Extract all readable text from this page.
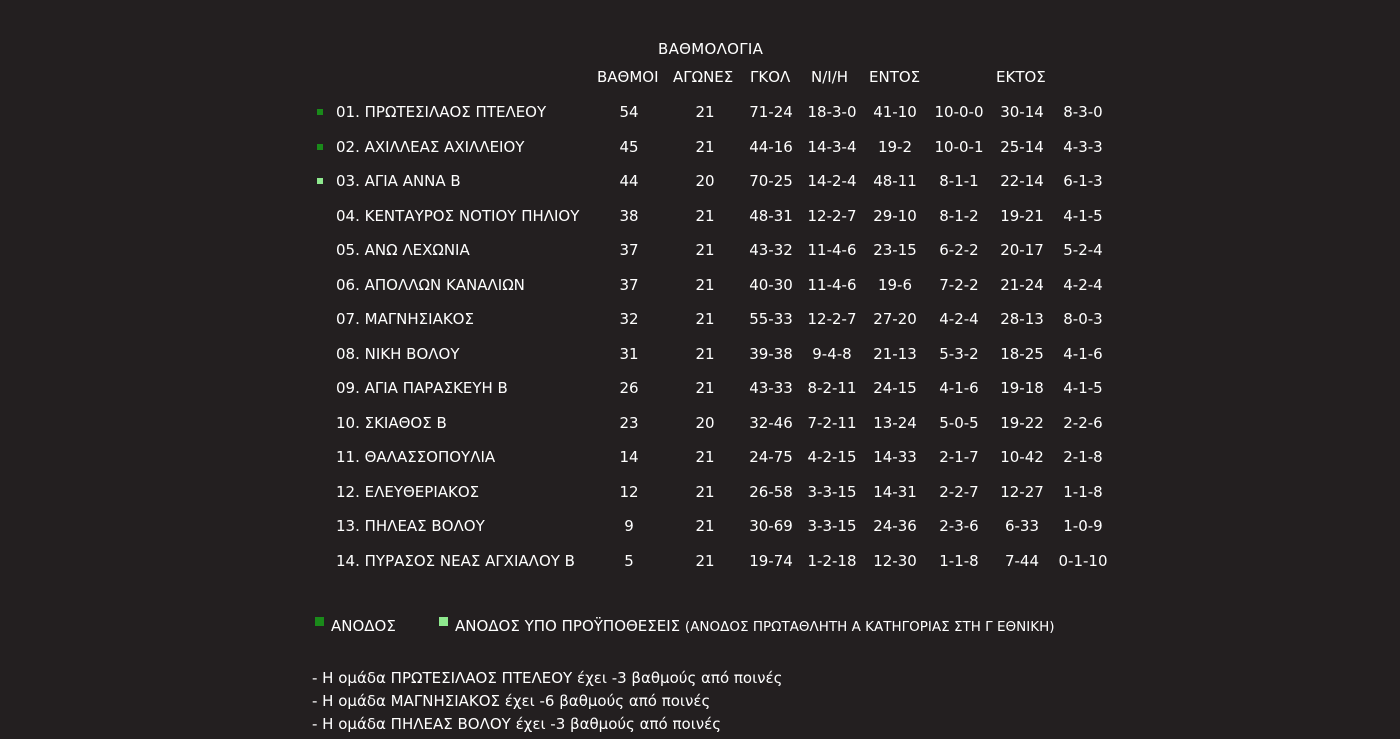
ΒΑΘΜΟΛΟΓΙΑ
ΒΑΘΜΟΙ ΑΓΩΝΕΣ ΓΚΟΛ Ν/Ι/Η ΕΝΤΟΣ	ΕΚΤΟΣ
01. ΠΡΩΤΕΣΙΛΑΟΣ ΠΤΕΛΕΟΥ	54	21	71-24 18-3-0	41-10	10-0-0	30-14	8-3-0
02. ΑΧΙΛΛΕΑΣ ΑΧΙΛΛΕΙΟΥ	45	21	44-16 14-3-4	19-2	10-0-1	25-14	4-3-3
03. ΑΓΙΑ ΑΝΝΑ Β	44	20	70-25 14-2-4	48-11	8-1-1	22-14	6-1-3
04. ΚΕΝΤΑΥΡΟΣ ΝΟΤΙΟΥ ΠΗΛΙΟΥ	38	21	48-31 12-2-7	29-10	8-1-2	19-21	4-1-5
05. ΑΝΩ ΛΕΧΩΝΙΑ	37	21	43-32 11-4-6	23-15	6-2-2	20-17	5-2-4
06. ΑΠΟΛΛΩΝ ΚΑΝΑΛΙΩΝ	37	21	40-30 11-4-6	19-6	7-2-2	21-24	4-2-4
07. ΜΑΓΝΗΣΙΑΚΟΣ	32	21	55-33 12-2-7	27-20	4-2-4	28-13	8-0-3
08. ΝΙΚΗ ΒΟΛΟΥ	31	21	39-38	9-4-8	21-13	5-3-2	18-25	4-1-6
09. ΑΓΙΑ ΠΑΡΑΣΚΕΥΗ Β	26	21	43-33 8-2-11	24-15	4-1-6	19-18	4-1-5
10. ΣΚΙΑΘΟΣ Β	23	20	32-46 7-2-11	13-24	5-0-5	19-22	2-2-6
11. ΘΑΛΑΣΣΟΠΟΥΛΙΑ	14	21	24-75 4-2-15	14-33	2-1-7	10-42	2-1-8
12. ΕΛΕΥΘΕΡΙΑΚΟΣ	12	21	26-58 3-3-15	14-31	2-2-7	12-27	1-1-8
13. ΠΗΛΕΑΣ ΒΟΛΟΥ	9	21	30-69 3-3-15	24-36	2-3-6	6-33	1-0-9
14. ΠΥΡΑΣΟΣ ΝΕΑΣ ΑΓΧΙΑΛΟΥ Β	5	21	19-74 1-2-18	12-30	1-1-8	7-44	0-1-10
ΑΝΟΔΟΣ	ΑΝΟΔΟΣ ΥΠΟ ΠΡΟΫΠΟΘΕΣΕΙΣ (ΑΝΟΔΟΣ ΠΡΩΤΑΘΛΗΤΗ Α ΚΑΤΗΓΟΡΙΑΣ ΣΤΗ Γ ΕΘΝΙΚΗ)
- Η ομάδα ΠΡΩΤΕΣΙΛΑΟΣ ΠΤΕΛΕΟΥ έχει -3 βαθμούς από ποινές
- Η ομάδα ΜΑΓΝΗΣΙΑΚΟΣ έχει -6 βαθμούς από ποινές
- Η ομάδα ΠΗΛΕΑΣ ΒΟΛΟΥ έχει -3 βαθμούς από ποινές
